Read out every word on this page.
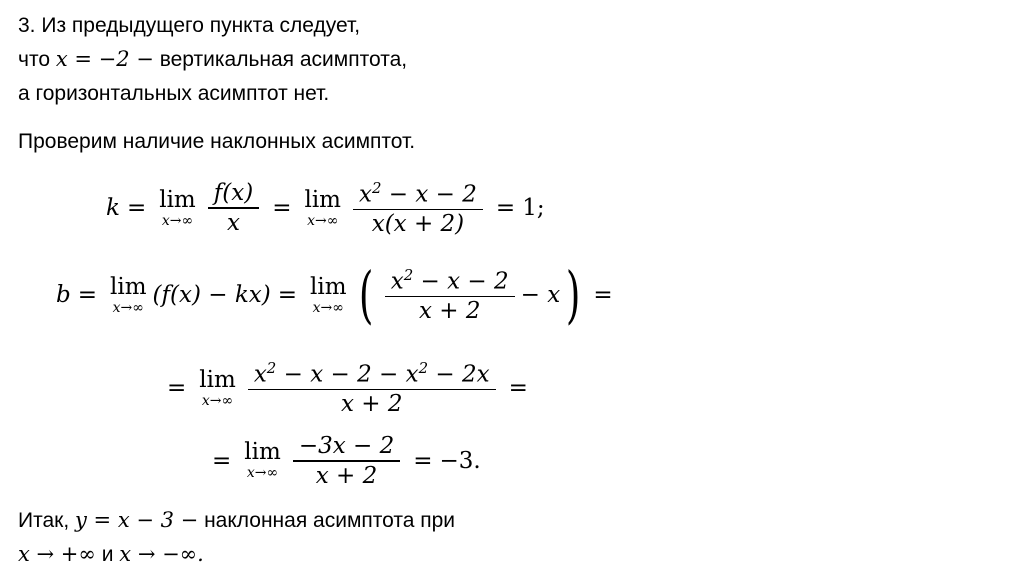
3. Из предыдущего пункта следует,
что x = −2 − вертикальная асимптота,
а горизонтальных асимптот нет.
Проверим наличие наклонных асимптот.
k = lim
$x\to\infty \frac{f(x)}{x} = \lim$
$x\to\infty \frac{x^2 - x - 2}{x(x + 2)} = 1$;
b = lim
x→∞ (f(x) − kx) = lim
x→∞ ( $\frac{x^2 - x - 2}{x + 2} - x$ ) =
= lim
$x\to\infty \frac{x^2 - x - 2 - x^2 - 2x}{x + 2}$ =
= lim
$x\to\infty \frac{-3x - 2}{x + 2} = -3$.
Итак, y = x − 3 − наклонная асимптота при
x → +∞ и x → −∞.
